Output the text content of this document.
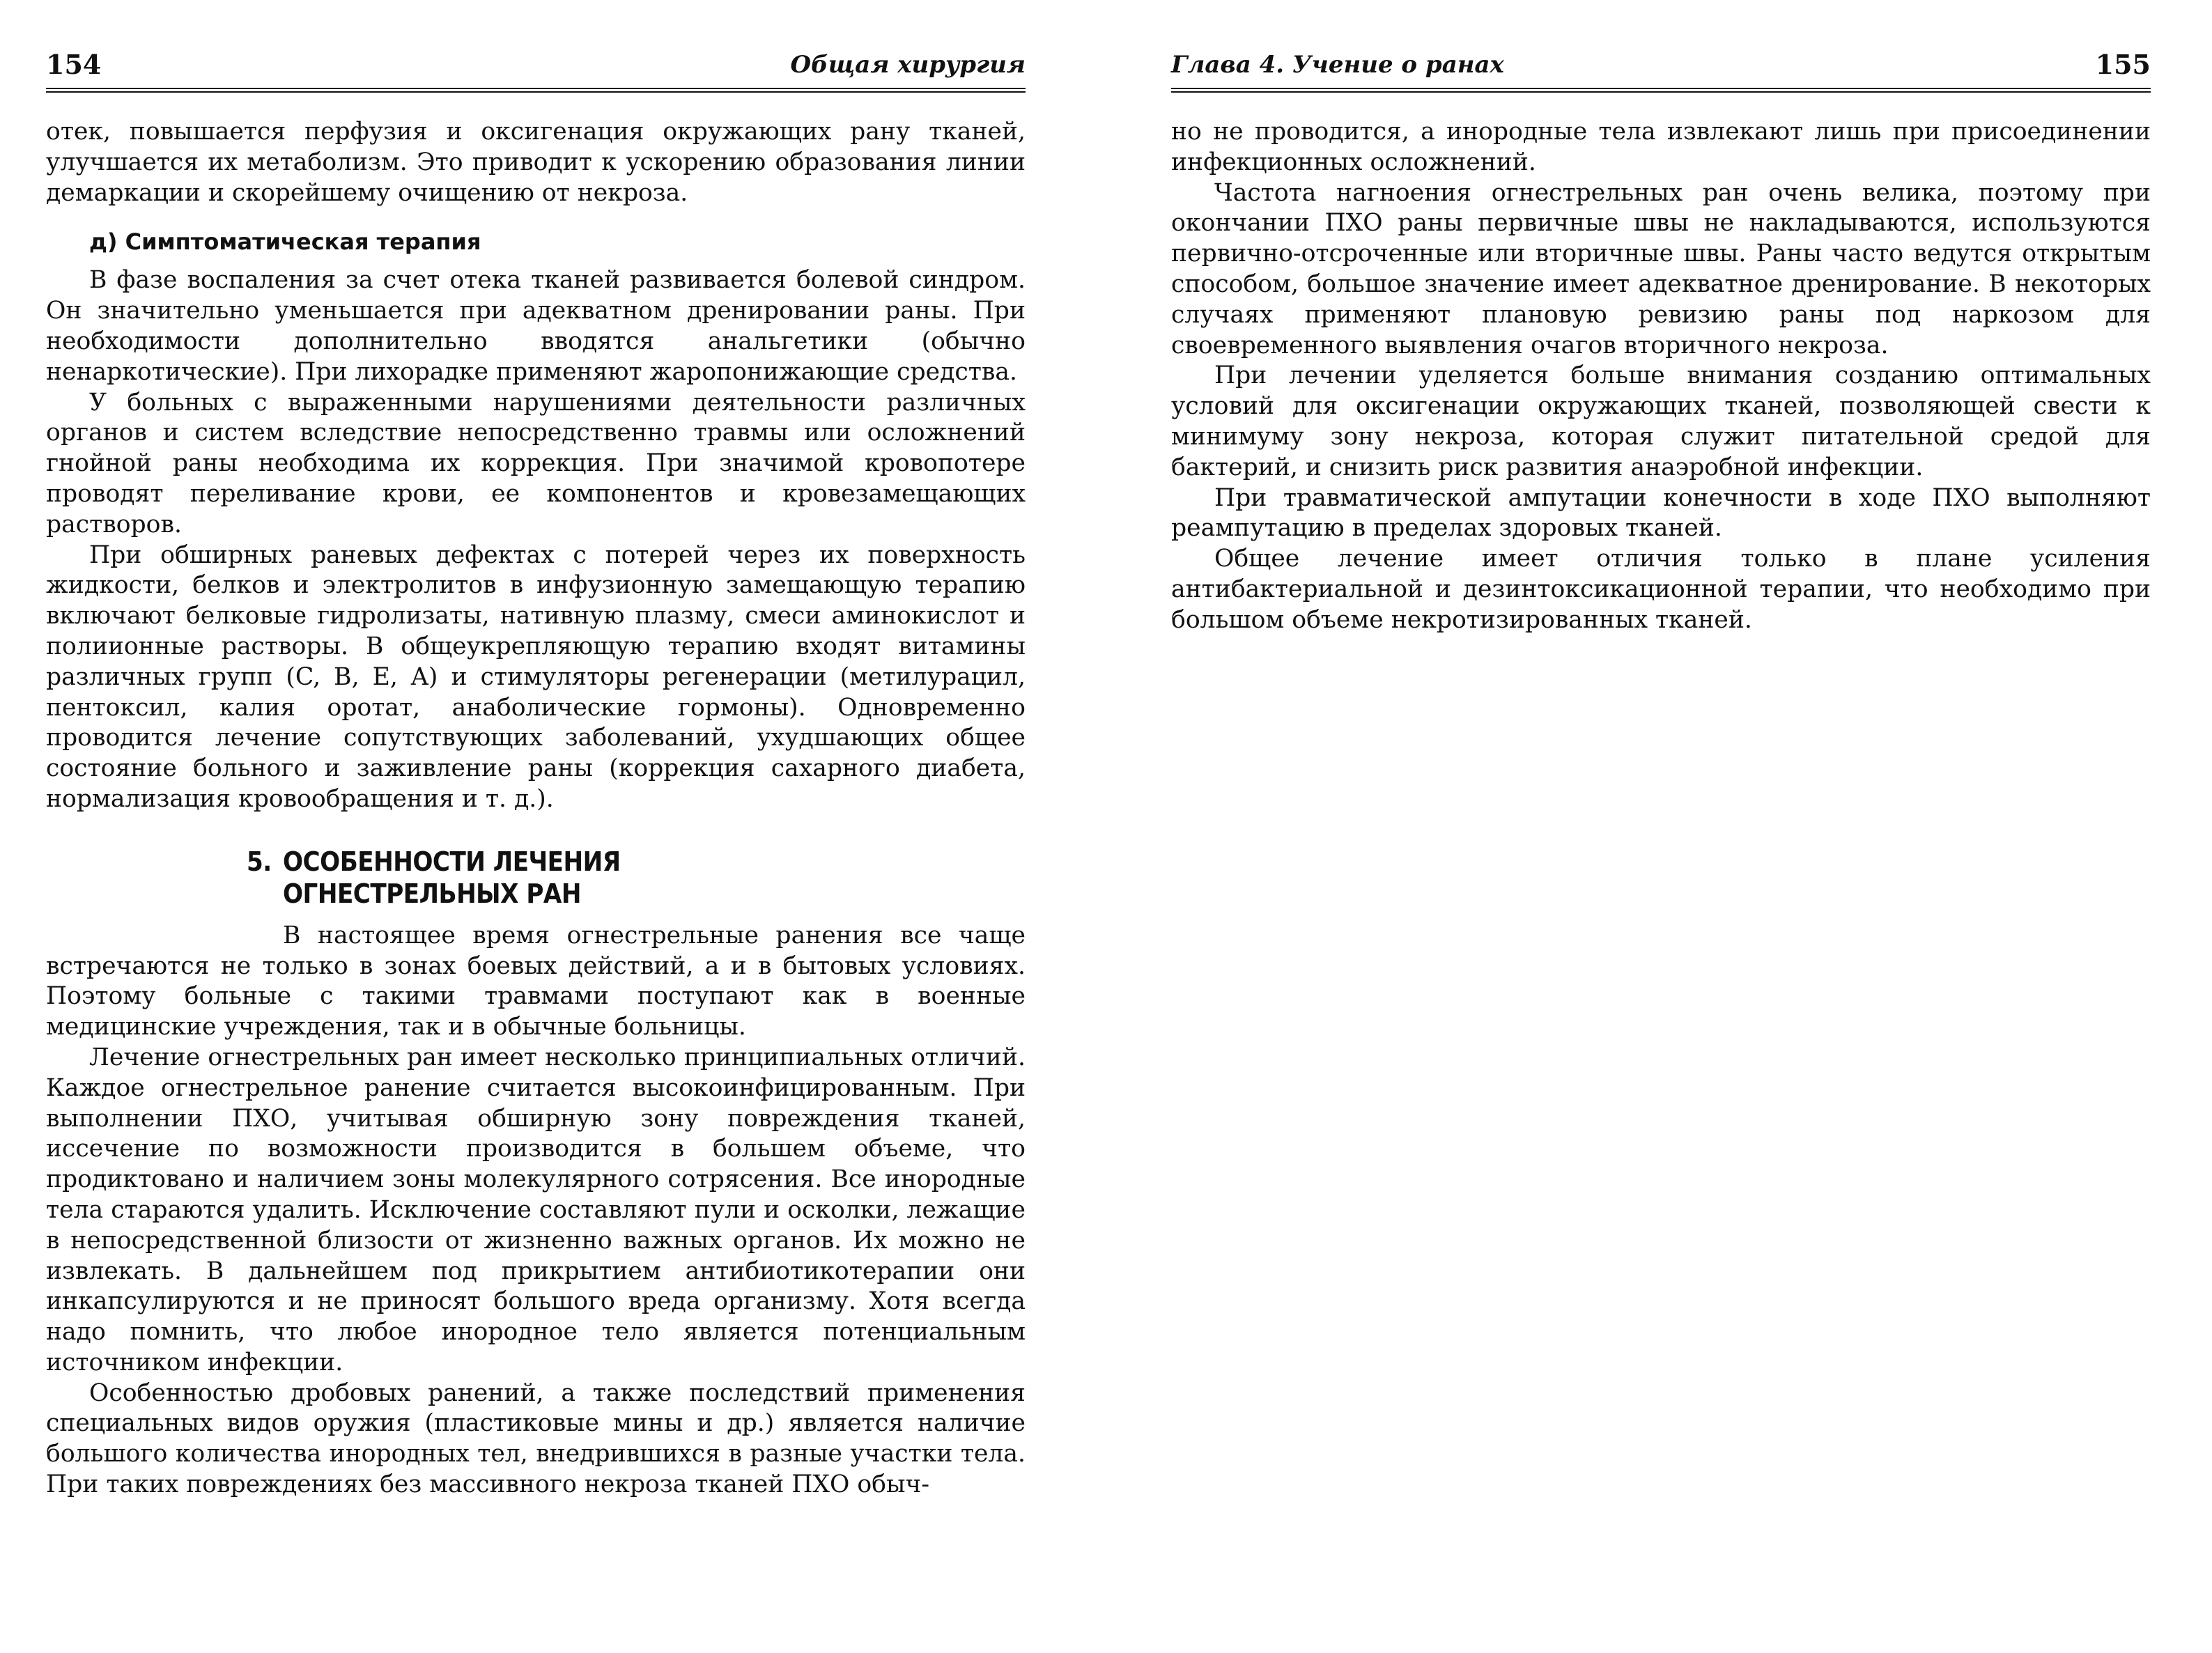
154	Общая хирургия

отек, повышается перфузия и оксигенация окружающих рану тканей, улучшается их метаболизм. Это приводит к ускорению образования линии демаркации и скорейшему очищению от некроза.

д) Симптоматическая терапия

В фазе воспаления за счет отека тканей развивается болевой синдром. Он значительно уменьшается при адекватном дренировании раны. При необходимости дополнительно вводятся анальгетики (обычно ненаркотические). При лихорадке применяют жаропонижающие средства.

У больных с выраженными нарушениями деятельности различных органов и систем вследствие непосредственно травмы или осложнений гнойной раны необходима их коррекция. При значимой кровопотере проводят переливание крови, ее компонентов и кровезамещающих растворов.

При обширных раневых дефектах с потерей через их поверхность жидкости, белков и электролитов в инфузионную замещающую терапию включают белковые гидролизаты, нативную плазму, смеси аминокислот и полиионные растворы. В общеукрепляющую терапию входят витамины различных групп (C, B, E, A) и стимуляторы регенерации (метилурацил, пентоксил, калия оротат, анаболические гормоны). Одновременно проводится лечение сопутствующих заболеваний, ухудшающих общее состояние больного и заживление раны (коррекция сахарного диабета, нормализация кровообращения и т. д.).

5. ОСОБЕННОСТИ ЛЕЧЕНИЯ
ОГНЕСТРЕЛЬНЫХ РАН

В настоящее время огнестрельные ранения все чаще встречаются не только в зонах боевых действий, а и в бытовых условиях. Поэтому больные с такими травмами поступают как в военные медицинские учреждения, так и в обычные больницы.

Лечение огнестрельных ран имеет несколько принципиальных отличий. Каждое огнестрельное ранение считается высокоинфицированным. При выполнении ПХО, учитывая обширную зону повреждения тканей, иссечение по возможности производится в большем объеме, что продиктовано и наличием зоны молекулярного сотрясения. Все инородные тела стараются удалить. Исключение составляют пули и осколки, лежащие в непосредственной близости от жизненно важных органов. Их можно не извлекать. В дальнейшем под прикрытием антибиотикотерапии они инкапсулируются и не приносят большого вреда организму. Хотя всегда надо помнить, что любое инородное тело является потенциальным источником инфекции.

Особенностью дробовых ранений, а также последствий применения специальных видов оружия (пластиковые мины и др.) является наличие большого количества инородных тел, внедрившихся в разные участки тела. При таких повреждениях без массивного некроза тканей ПХО обыч-

Глава 4. Учение о ранах	155

но не проводится, а инородные тела извлекают лишь при присоединении инфекционных осложнений.

Частота нагноения огнестрельных ран очень велика, поэтому при окончании ПХО раны первичные швы не накладываются, используются первично-отсроченные или вторичные швы. Раны часто ведутся открытым способом, большое значение имеет адекватное дренирование. В некоторых случаях применяют плановую ревизию раны под наркозом для своевременного выявления очагов вторичного некроза.

При лечении уделяется больше внимания созданию оптимальных условий для оксигенации окружающих тканей, позволяющей свести к минимуму зону некроза, которая служит питательной средой для бактерий, и снизить риск развития анаэробной инфекции.

При травматической ампутации конечности в ходе ПХО выполняют реампутацию в пределах здоровых тканей.

Общее лечение имеет отличия только в плане усиления антибактериальной и дезинтоксикационной терапии, что необходимо при большом объеме некротизированных тканей.
